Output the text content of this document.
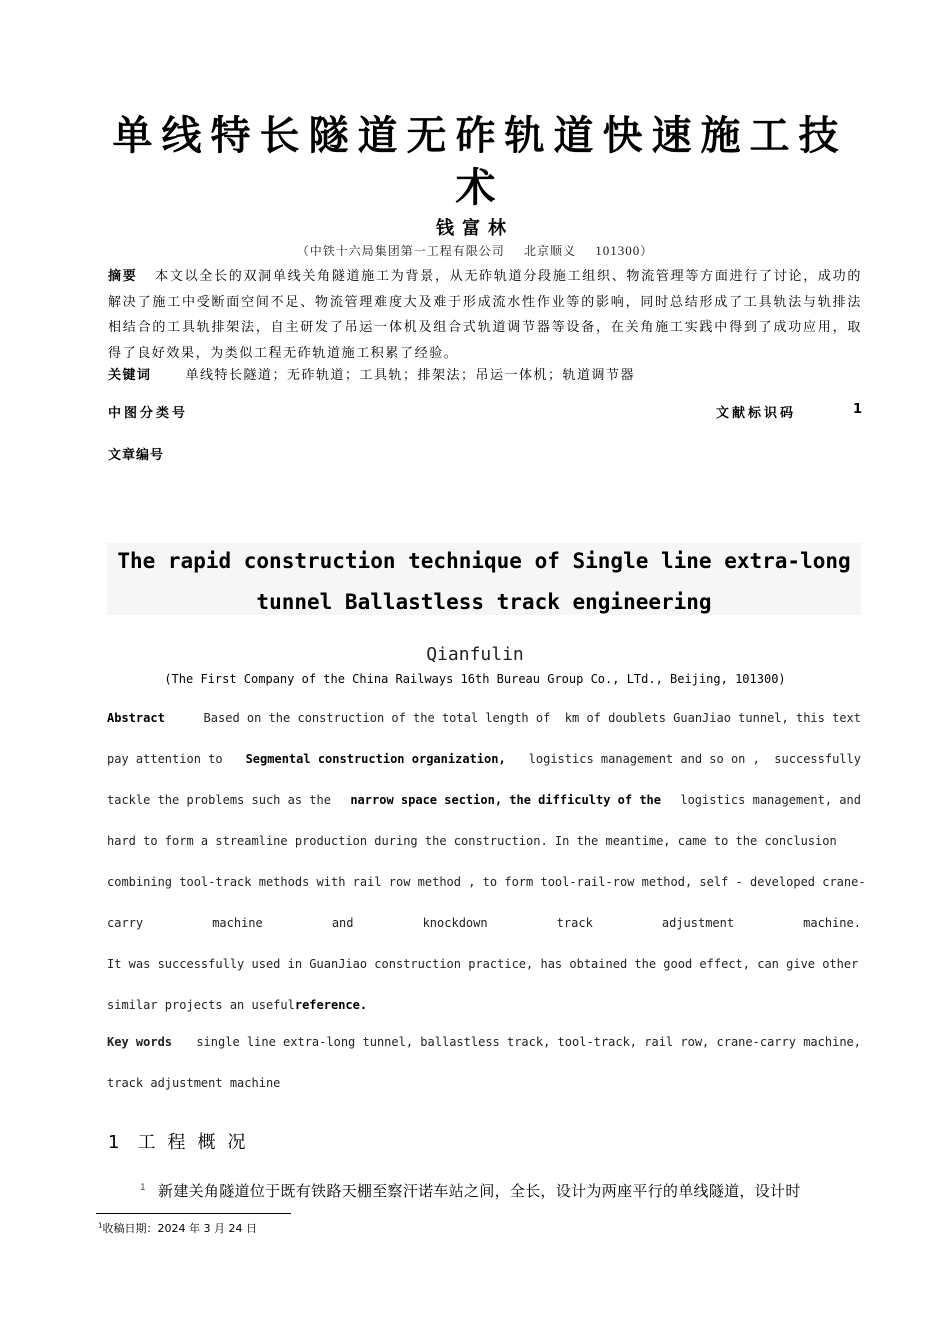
单线特长隧道无砟轨道快速施工技术
钱富林
（中铁十六局集团第一工程有限公司 北京顺义 101300）
摘要 本文以全长的双洞单线关角隧道施工为背景，从无砟轨道分段施工组织、物流管理等方面进行了讨论，成功的解决了施工中受断面空间不足、物流管理难度大及难于形成流水性作业等的影响，同时总结形成了工具轨法与轨排法相结合的工具轨排架法，自主研发了吊运一体机及组合式轨道调节器等设备，在关角施工实践中得到了成功应用，取得了良好效果，为类似工程无砟轨道施工积累了经验。
关键词	单线特长隧道；无砟轨道；工具轨；排架法；吊运一体机；轨道调节器
中图分类号	文献标识码	1
文章编号
The rapid construction technique of Single line extra-long
tunnel Ballastless track engineering
Qianfulin
(The First Company of the China Railways 16th Bureau Group Co., LTd., Beijing, 101300)
Abstract	Based on the construction of the total length of  km of doublets GuanJiao tunnel, this text
pay attention to Segmental construction organization, logistics management and so on ,  successfully
tackle the problems such as the narrow space section, the difficulty of the logistics management, and
hard to form a streamline production during the construction. In the meantime, came to the conclusion
combining tool-track methods with rail row method , to form tool-rail-row method, self - developed crane-
carry	machine	and	knockdown	track	adjustment	machine.
It was successfully used in GuanJiao construction practice, has obtained the good effect, can give other
similar projects an useful reference.
Key words single line extra-long tunnel, ballastless track, tool-track, rail row, crane-carry machine,
track adjustment machine
1 工程概况
$^1$ 新建关角隧道位于既有铁路天棚至察汗诺车站之间，全长，设计为两座平行的单线隧道，设计时
$^1$收稿日期：2024 年 3 月 24 日
